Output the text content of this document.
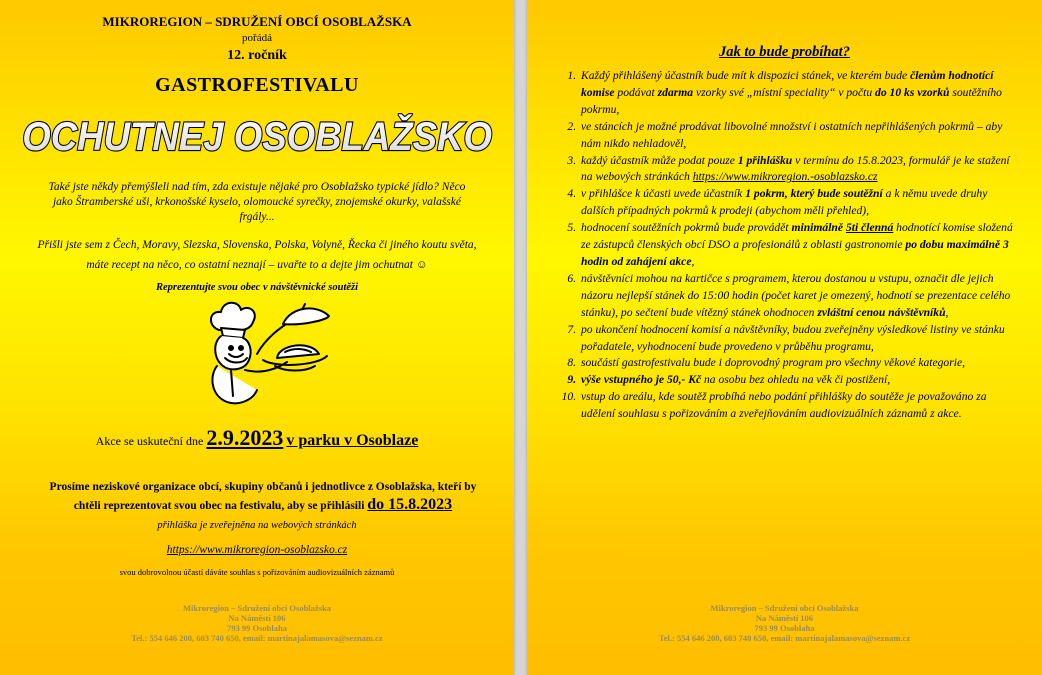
MIKROREGION – SDRUŽENÍ OBCÍ OSOBLAŽSKA
pořádá
12. ročník
GASTROFESTIVALU
OCHUTNEJ OSOBLAŽSKO
Také jste někdy přemýšleli nad tím, zda existuje nějaké pro Osoblažsko typické jídlo? Něco jako Štramberské uši, krkonošské kyselo, olomoucké syrečky, znojemské okurky, valašské frgály...
Přišli jste sem z Čech, Moravy, Slezska, Slovenska, Polska, Volyně, Řecka či jiného koutu světa, máte recept na něco, co ostatní neznají – uvařte to a dejte jim ochutnat ☺
Reprezentujte svou obec v návštěvnické soutěži
Akce se uskuteční dne 2.9.2023 v parku v Osoblaze
Prosíme neziskové organizace obcí, skupiny občanů i jednotlivce z Osoblažska, kteří by chtěli reprezentovat svou obec na festivalu, aby se přihlásili do 15.8.2023
přihláška je zveřejněna na webových stránkách
https://www.mikroregion-osoblazsko.cz
svou dobrovolnou účastí dáváte souhlas s pořizováním audiovizuálních záznamů
Mikroregion – Sdružení obcí Osoblažska
Na Náměstí 106
793 99 Osoblaha
Tel.: 554 646 200, 603 740 650, email: martinajalamasova@seznam.cz
Jak to bude probíhat?
1. Každý přihlášený účastník bude mít k dispozici stánek, ve kterém bude členům hodnotící komise podávat zdarma vzorky své „místní speciality“ v počtu do 10 ks vzorků soutěžního pokrmu,
2. ve stáncích je možné prodávat libovolné množství i ostatních nepřihlášených pokrmů – aby nám nikdo nehladověl,
3. každý účastník může podat pouze 1 přihlášku v termínu do 15.8.2023, formulář je ke stažení na webových stránkách https://www.mikroregion.-osoblazsko.cz
4. v přihlášce k účasti uvede účastník 1 pokrm, který bude soutěžní a k němu uvede druhy dalších případných pokrmů k prodeji (abychom měli přehled),
5. hodnocení soutěžních pokrmů bude provádět minimálně 5ti členná hodnotící komise složená ze zástupců členských obcí DSO a profesionálů z oblasti gastronomie po dobu maximálně 3 hodin od zahájení akce,
6. návštěvníci mohou na kartičce s programem, kterou dostanou u vstupu, označit dle jejich názoru nejlepší stánek do 15:00 hodin (počet karet je omezený, hodnotí se prezentace celého stánku), po sečtení bude vítězný stánek ohodnocen zvláštní cenou návštěvníků,
7. po ukončení hodnocení komisí a návštěvníky, budou zveřejněny výsledkové listiny ve stánku pořadatele, vyhodnocení bude provedeno v průběhu programu,
8. součástí gastrofestivalu bude i doprovodný program pro všechny věkové kategorie,
9. výše vstupného je 50,- Kč na osobu bez ohledu na věk či postižení,
10. vstup do areálu, kde soutěž probíhá nebo podání přihlášky do soutěže je považováno za udělení souhlasu s pořizováním a zveřejňováním audiovizuálních záznamů z akce.
Mikroregion – Sdružení obcí Osoblažska
Na Náměstí 106
793 99 Osoblaha
Tel.: 554 646 200, 603 740 650, email: martinajalamasova@seznam.cz
